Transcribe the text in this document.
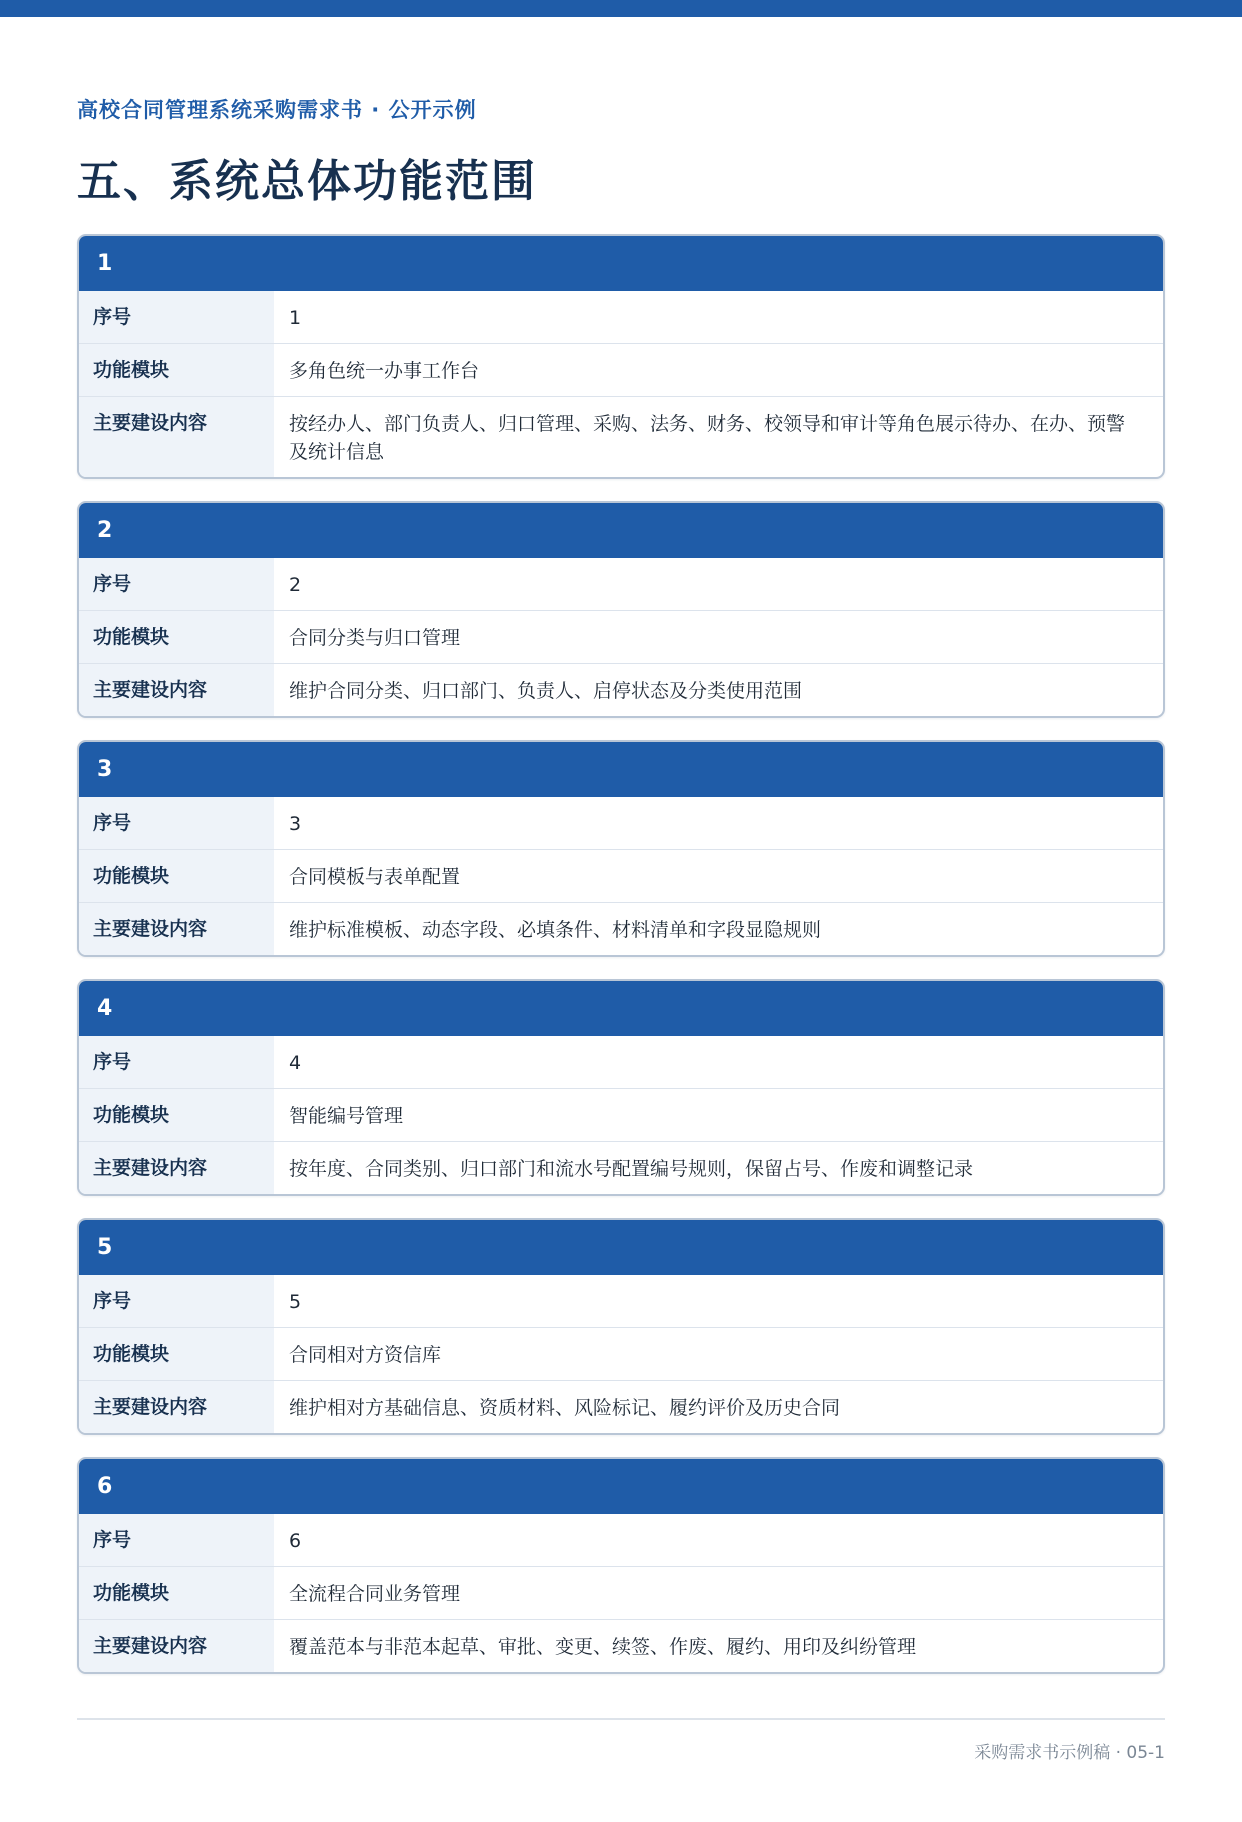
高校合同管理系统采购需求书 · 公开示例
五、系统总体功能范围
1
序号	1
功能模块	多角色统一办事工作台
主要建设内容	按经办人、部门负责人、归口管理、采购、法务、财务、校领导和审计等角色展示待办、在办、预警及统计信息
2
序号	2
功能模块	合同分类与归口管理
主要建设内容	维护合同分类、归口部门、负责人、启停状态及分类使用范围
3
序号	3
功能模块	合同模板与表单配置
主要建设内容	维护标准模板、动态字段、必填条件、材料清单和字段显隐规则
4
序号	4
功能模块	智能编号管理
主要建设内容	按年度、合同类别、归口部门和流水号配置编号规则，保留占号、作废和调整记录
5
序号	5
功能模块	合同相对方资信库
主要建设内容	维护相对方基础信息、资质材料、风险标记、履约评价及历史合同
6
序号	6
功能模块	全流程合同业务管理
主要建设内容	覆盖范本与非范本起草、审批、变更、续签、作废、履约、用印及纠纷管理
采购需求书示例稿 · 05-1
